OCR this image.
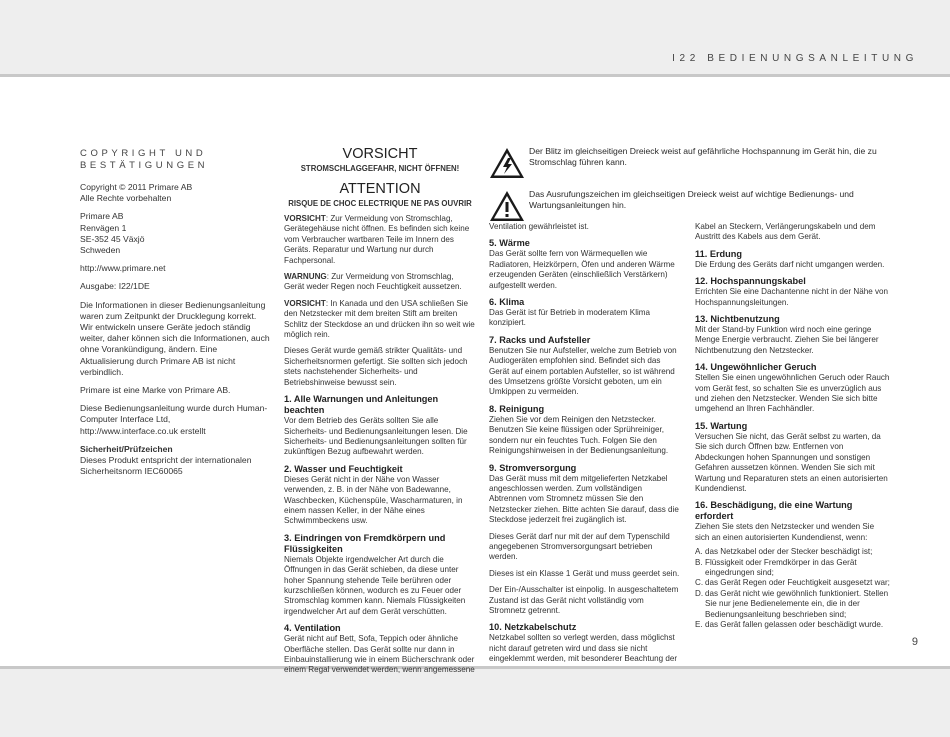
I22 BEDIENUNGSANLEITUNG
9
COPYRIGHT UND BESTÄTIGUNGEN

Copyright © 2011 Primare AB
Alle Rechte vorbehalten

Primare AB
Renvägen 1
SE-352 45 Växjö
Schweden

http://www.primare.net

Ausgabe: I22/1DE

Die Informationen in dieser Bedienungsanleitung waren zum Zeitpunkt der Drucklegung korrekt. Wir entwickeln unsere Geräte jedoch ständig weiter, daher können sich die Informationen, auch ohne Vorankündigung, ändern. Eine Aktualisierung durch Primare AB ist nicht verbindlich.

Primare ist eine Marke von Primare AB.

Diese Bedienungsanleitung wurde durch Human-Computer Interface Ltd, http://www.interface.co.uk erstellt

Sicherheit/Prüfzeichen

Dieses Produkt entspricht der internationalen Sicherheitsnorm IEC60065

VORSICHT
STROMSCHLAGGEFAHR, NICHT ÖFFNEN!
ATTENTION
RISQUE DE CHOC ELECTRIQUE NE PAS OUVRIR

VORSICHT: Zur Vermeidung von Stromschlag, Gerätegehäuse nicht öffnen. Es befinden sich keine vom Verbraucher wartbaren Teile im Innern des Geräts. Reparatur und Wartung nur durch Fachpersonal.

WARNUNG: Zur Vermeidung von Stromschlag, Gerät weder Regen noch Feuchtigkeit aussetzen.

VORSICHT: In Kanada und den USA schließen Sie den Netzstecker mit dem breiten Stift am breiten Schlitz der Steckdose an und drücken ihn so weit wie möglich rein.

Dieses Gerät wurde gemäß strikter Qualitäts- und Sicherheitsnormen gefertigt. Sie sollten sich jedoch stets nachstehender Sicherheits- und Betriebshinweise bewusst sein.

1. Alle Warnungen und Anleitungen beachten

Vor dem Betrieb des Geräts sollten Sie alle Sicherheits- und Bedienungsanleitungen lesen. Die Sicherheits- und Bedienungsanleitungen sollten für zukünftigen Bezug aufbewahrt werden.

2. Wasser und Feuchtigkeit

Dieses Gerät nicht in der Nähe von Wasser verwenden, z. B. in der Nähe von Badewanne, Waschbecken, Küchenspüle, Wascharmaturen, in einem nassen Keller, in der Nähe eines Schwimmbeckens usw.

3. Eindringen von Fremdkörpern und Flüssigkeiten

Niemals Objekte irgendwelcher Art durch die Öffnungen in das Gerät schieben, da diese unter hoher Spannung stehende Teile berühren oder kurzschließen können, wodurch es zu Feuer oder Stromschlag kommen kann. Niemals Flüssigkeiten irgendwelcher Art auf dem Gerät verschütten.

4. Ventilation

Gerät nicht auf Bett, Sofa, Teppich oder ähnliche Oberfläche stellen. Das Gerät sollte nur dann in Einbauinstallierung wie in einem Bücherschrank oder einem Regal verwendet werden, wenn angemessene

Der Blitz im gleichseitigen Dreieck weist auf gefährliche Hochspannung im Gerät hin, die zu Stromschlag führen kann.
Das Ausrufungszeichen im gleichseitigen Dreieck weist auf wichtige Bedienungs- und Wartungsanleitungen hin.

Ventilation gewährleistet ist.

5. Wärme

Das Gerät sollte fern von Wärmequellen wie Radiatoren, Heizkörpern, Öfen und anderen Wärme erzeugenden Geräten (einschließlich Verstärkern) aufgestellt werden.

6. Klima

Das Gerät ist für Betrieb in moderatem Klima konzipiert.

7. Racks und Aufsteller

Benutzen Sie nur Aufsteller, welche zum Betrieb von Audiogeräten empfohlen sind. Befindet sich das Gerät auf einem portablen Aufsteller, so ist während des Umsetzens größte Vorsicht geboten, um ein Umkippen zu vermeiden.

8. Reinigung

Ziehen Sie vor dem Reinigen den Netzstecker. Benutzen Sie keine flüssigen oder Sprühreiniger, sondern nur ein feuchtes Tuch. Folgen Sie den Reinigungshinweisen in der Bedienungsanleitung.

9. Stromversorgung

Das Gerät muss mit dem mitgelieferten Netzkabel angeschlossen werden. Zum vollständigen Abtrennen vom Stromnetz müssen Sie den Netzstecker ziehen. Bitte achten Sie darauf, dass die Steckdose jederzeit frei zugänglich ist.

Dieses Gerät darf nur mit der auf dem Typenschild angegebenen Stromversorgungsart betrieben werden.

Dieses ist ein Klasse 1 Gerät und muss geerdet sein.

Der Ein-/Ausschalter ist einpolig. In ausgeschaltetem Zustand ist das Gerät nicht vollständig vom Stromnetz getrennt.

10. Netzkabelschutz

Netzkabel sollten so verlegt werden, dass möglichst nicht darauf getreten wird und dass sie nicht eingeklemmt werden, mit besonderer Beachtung der

Kabel an Steckern, Verlängerungskabeln und dem Austritt des Kabels aus dem Gerät.

11. Erdung

Die Erdung des Geräts darf nicht umgangen werden.

12. Hochspannungskabel

Errichten Sie eine Dachantenne nicht in der Nähe von Hochspannungsleitungen.

13. Nichtbenutzung

Mit der Stand-by Funktion wird noch eine geringe Menge Energie verbraucht. Ziehen Sie bei längerer Nichtbenutzung den Netzstecker.

14. Ungewöhnlicher Geruch

Stellen Sie einen ungewöhnlichen Geruch oder Rauch vom Gerät fest, so schalten Sie es unverzüglich aus und ziehen den Netzstecker. Wenden Sie sich bitte umgehend an Ihren Fachhändler.

15. Wartung

Versuchen Sie nicht, das Gerät selbst zu warten, da Sie sich durch Öffnen bzw. Entfernen von Abdeckungen hohen Spannungen und sonstigen Gefahren aussetzen können. Wenden Sie sich mit Wartung und Reparaturen stets an einen autorisierten Kundendienst.

16. Beschädigung, die eine Wartung erfordert

Ziehen Sie stets den Netzstecker und wenden Sie sich an einen autorisierten Kundendienst, wenn:

A. das Netzkabel oder der Stecker beschädigt ist;
B. Flüssigkeit oder Fremdkörper in das Gerät eingedrungen sind;
C. das Gerät Regen oder Feuchtigkeit ausgesetzt war;
D. das Gerät nicht wie gewöhnlich funktioniert. Stellen Sie nur jene Bedienelemente ein, die in der Bedienungsanleitung beschrieben sind;
E. das Gerät fallen gelassen oder beschädigt wurde.
